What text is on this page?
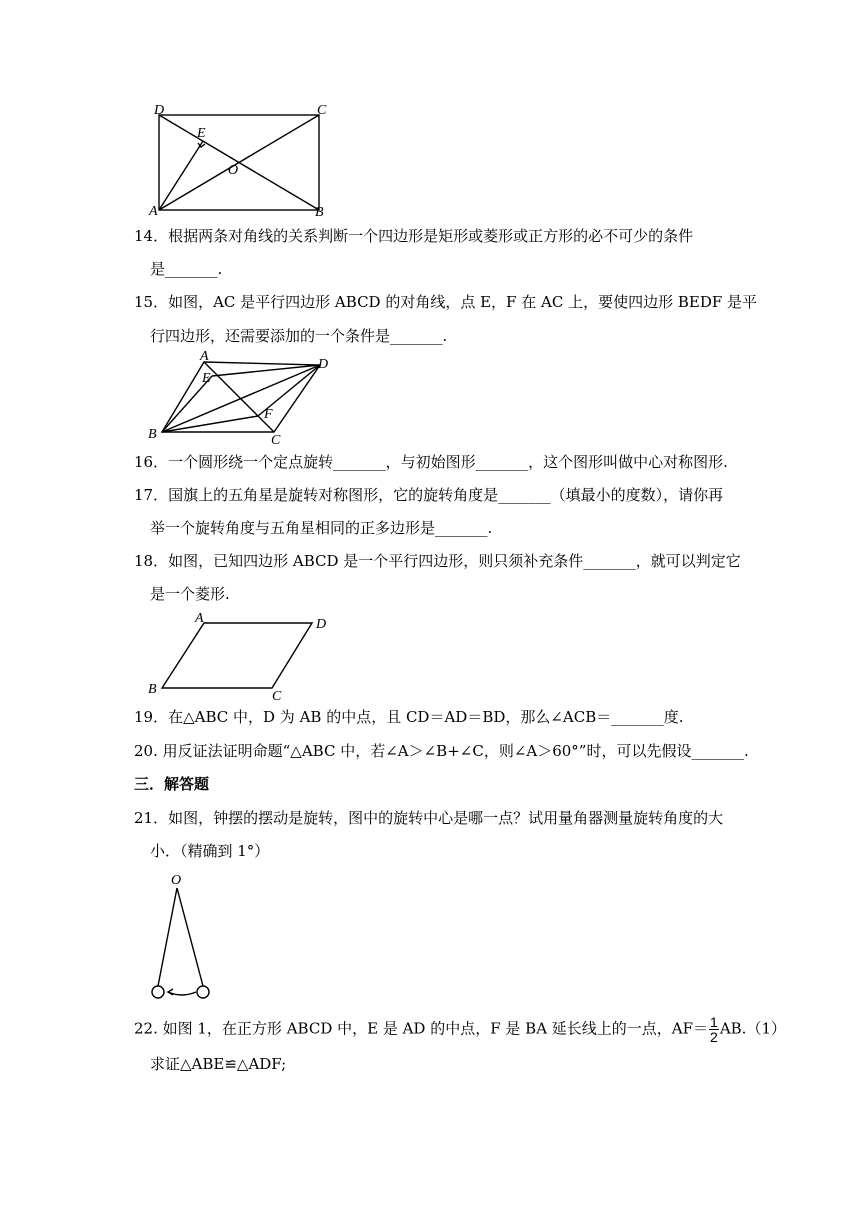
D	C
E
O
A	B
14．根据两条对角线的关系判断一个四边形是矩形或菱形或正方形的必不可少的条件
是_______.
15．如图，AC 是平行四边形 ABCD 的对角线，点 E，F 在 AC 上，要使四边形 BEDF 是平
行四边形，还需要添加的一个条件是_______.
A
D
E
F
B	C
16．一个圆形绕一个定点旋转_______，与初始图形_______，这个图形叫做中心对称图形.
17．国旗上的五角星是旋转对称图形，它的旋转角度是_______（填最小的度数），请你再
举一个旋转角度与五角星相同的正多边形是_______.
18．如图，已知四边形 ABCD 是一个平行四边形，则只须补充条件_______，就可以判定它
是一个菱形.
A	D
B	C
19．在△ABC 中，D 为 AB 的中点，且 CD＝AD＝BD，那么∠ACB＝_______度.
20. 用反证法证明命题“△ABC 中，若∠A＞∠B+∠C，则∠A＞60°”时，可以先假设_______.
三．解答题
21．如图，钟摆的摆动是旋转，图中的旋转中心是哪一点？试用量角器测量旋转角度的大
小．（精确到 1°）
O
22. 如图 1，在正方形 ABCD 中，E 是 AD 的中点，F 是 BA 延长线上的一点，$AF= \frac{1}{2} AB.(1)$
求证△ABE≌△ADF;
